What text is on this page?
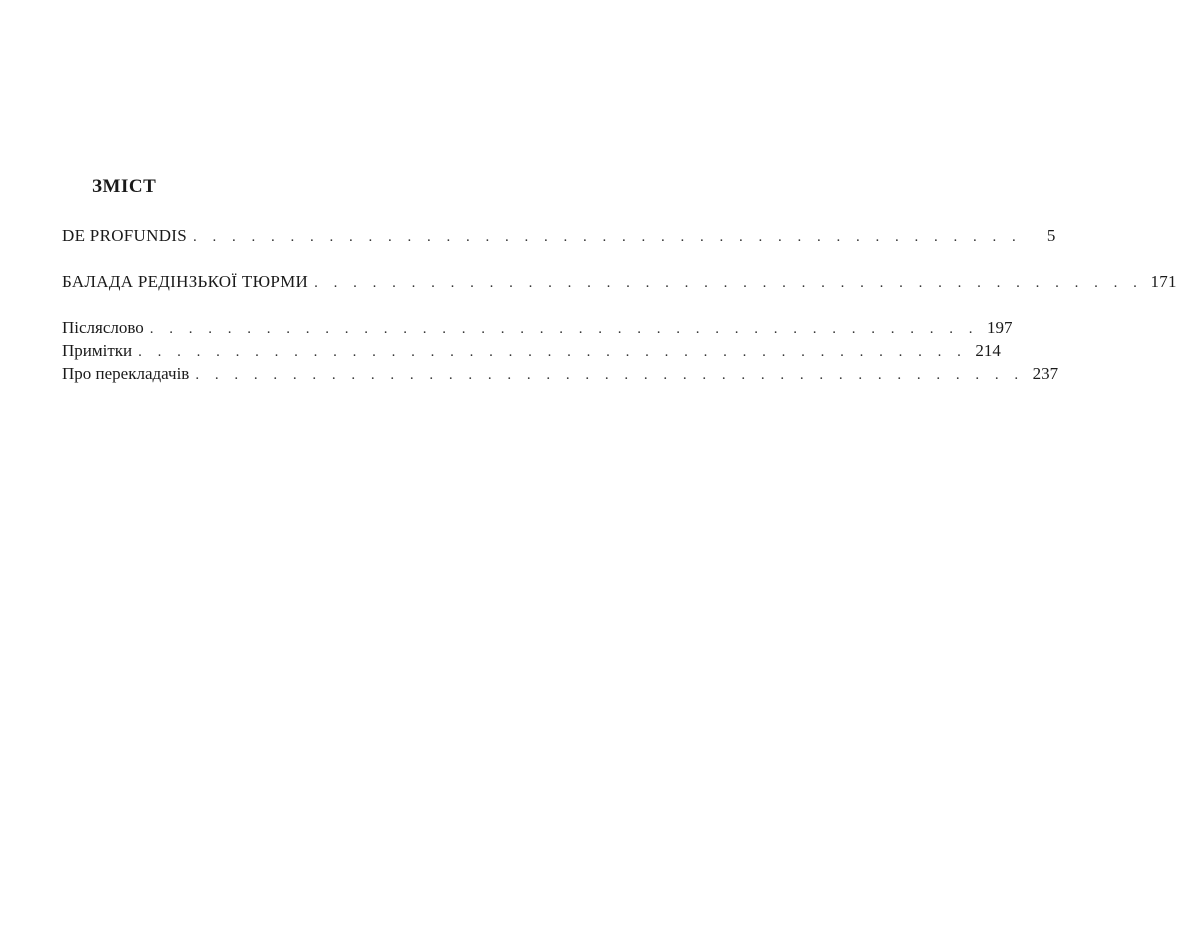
ЗМІСТ
DE PROFUNDIS . . . . . . . . . . . . . . . . . . . . . . . . . . . . . . . . . . . . . . . . . . .	5
БАЛАДА РЕДІНЗЬКОЇ ТЮРМИ . . . . . . . . . . . . . . . . . . . . . . . . . . . . . . . . . . . . . . . . . . . 171
Післяслово . . . . . . . . . . . . . . . . . . . . . . . . . . . . . . . . . . . . . . . . . . . 197
Примітки . . . . . . . . . . . . . . . . . . . . . . . . . . . . . . . . . . . . . . . . . . . 214
Про перекладачів . . . . . . . . . . . . . . . . . . . . . . . . . . . . . . . . . . . . . . . . . . . 237
